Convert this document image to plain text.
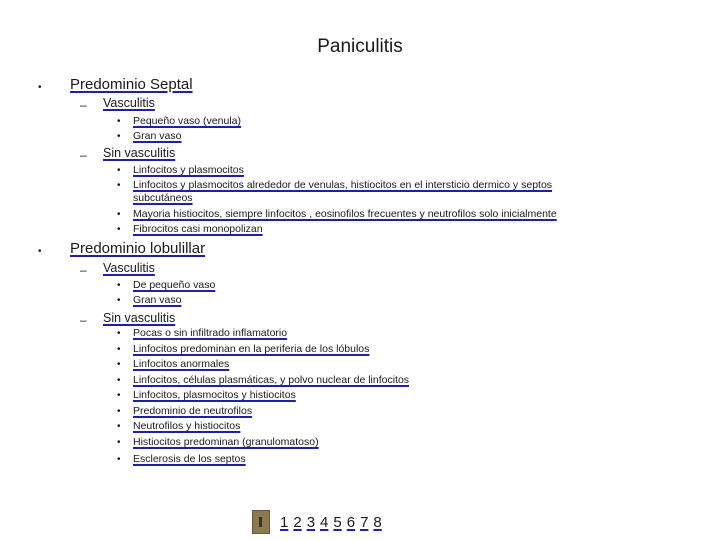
Paniculitis
• Predominio Septal
– Vasculitis
• Pequeño vaso (venula)
• Gran vaso
– Sin vasculitis
• Linfocitos y plasmocitos
• Linfocitos y plasmocitos alrededor de venulas, histiocitos en el intersticio dermico y septos
subcutáneos
• Mayoria histiocitos, siempre linfocitos , eosinofilos frecuentes y neutrofilos solo inicialmente
• Fibrocitos casi monopolizan
• Predominio lobulillar
– Vasculitis
• De pequeño vaso
• Gran vaso
– Sin vasculitis
• Pocas o sin infiltrado inflamatorio
• Linfocitos predominan en la periferia de los lóbulos
• Linfocitos anormales
• Linfocitos, células plasmáticas, y polvo nuclear de linfocitos
• Linfocitos, plasmocitos y histiocitos
• Predominio de neutrofilos
• Neutrofilos y histiocitos
• Histiocitos predominan (granulomatoso)
• Esclerosis de los septos
1 2 3 4 5 6 7 8
